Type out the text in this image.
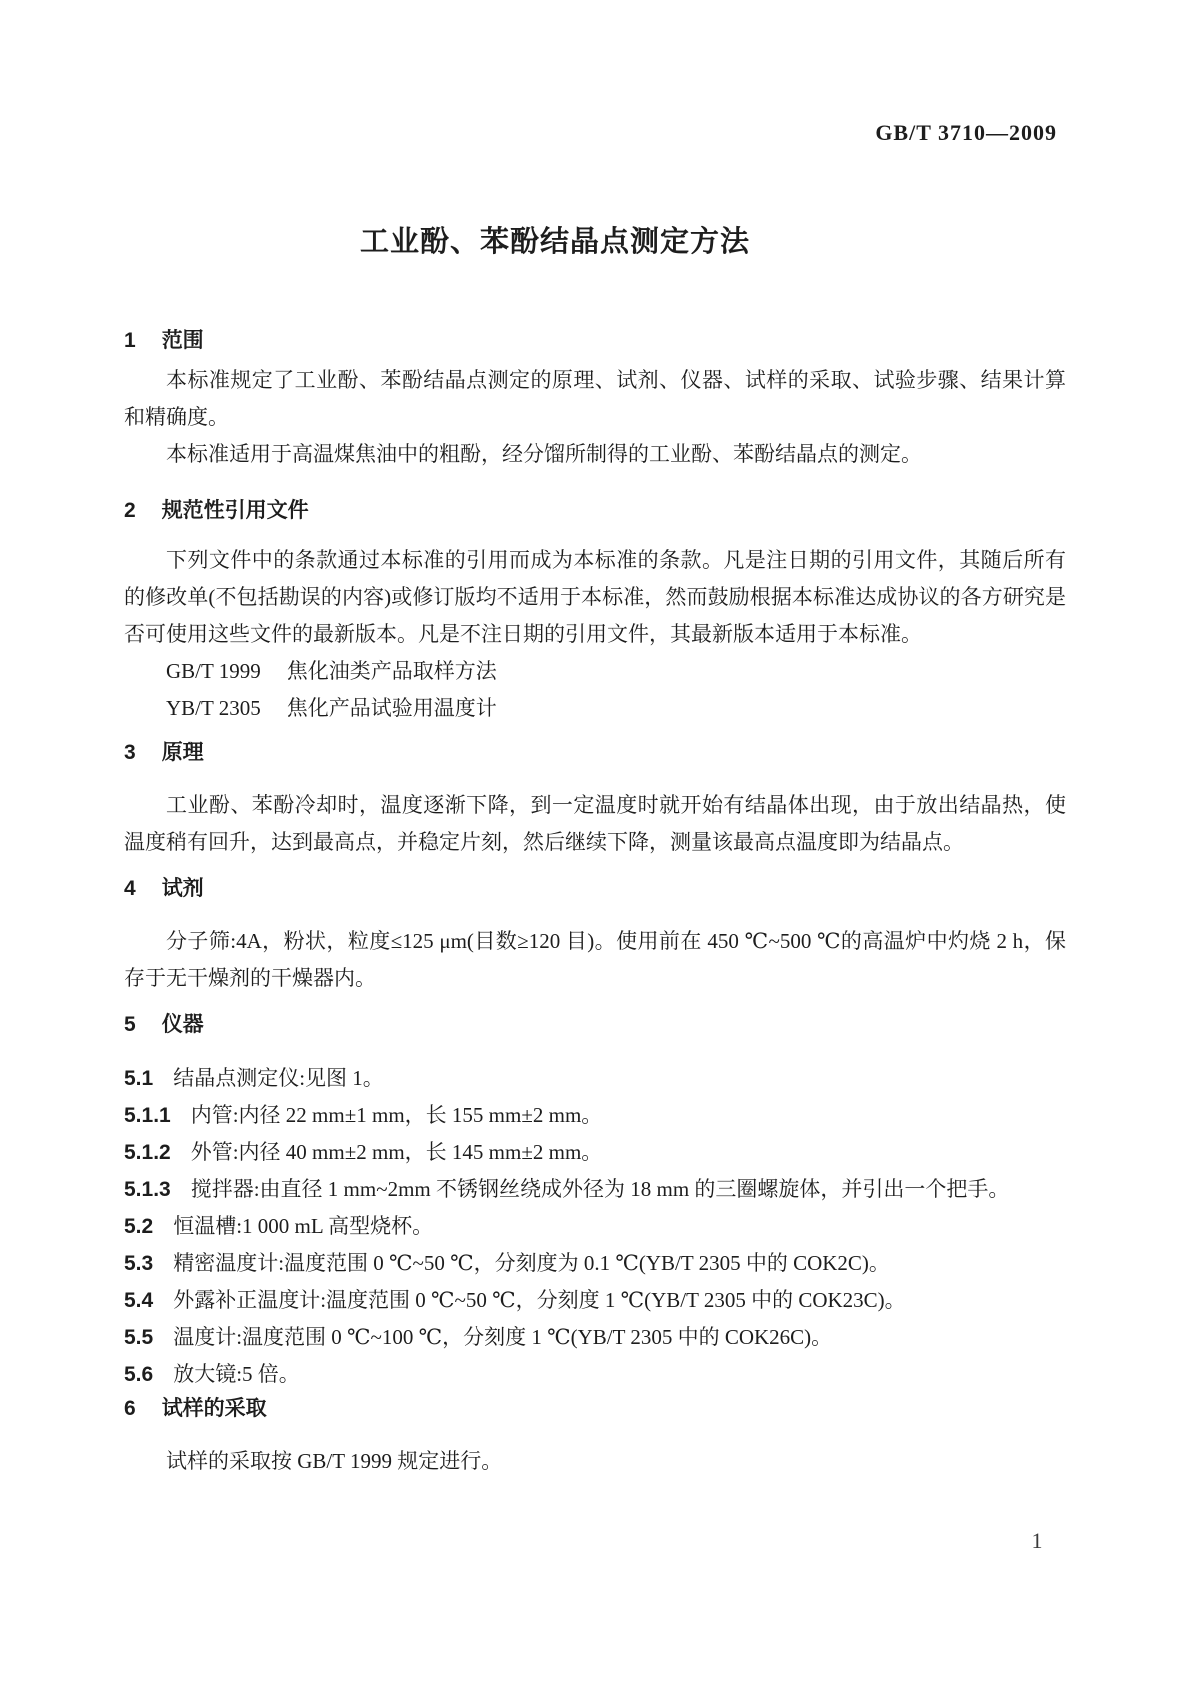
GB/T 3710—2009
工业酚、苯酚结晶点测定方法
1 范围

本标准规定了工业酚、苯酚结晶点测定的原理、试剂、仪器、试样的采取、试验步骤、结果计算和精确度。

本标准适用于高温煤焦油中的粗酚，经分馏所制得的工业酚、苯酚结晶点的测定。

2 规范性引用文件

下列文件中的条款通过本标准的引用而成为本标准的条款。凡是注日期的引用文件，其随后所有的修改单(不包括勘误的内容)或修订版均不适用于本标准，然而鼓励根据本标准达成协议的各方研究是否可使用这些文件的最新版本。凡是不注日期的引用文件，其最新版本适用于本标准。

GB/T 1999 焦化油类产品取样方法

YB/T 2305 焦化产品试验用温度计

3 原理

工业酚、苯酚冷却时，温度逐渐下降，到一定温度时就开始有结晶体出现，由于放出结晶热，使温度稍有回升，达到最高点，并稳定片刻，然后继续下降，测量该最高点温度即为结晶点。

4 试剂

分子筛:4A，粉状，粒度≤125 μm(目数≥120 目)。使用前在 450 ℃~500 ℃的高温炉中灼烧 2 h，保存于无干燥剂的干燥器内。

5 仪器

5.1 结晶点测定仪:见图 1。

5.1.1 内管:内径 22 mm±1 mm，长 155 mm±2 mm。

5.1.2 外管:内径 40 mm±2 mm，长 145 mm±2 mm。

5.1.3 搅拌器:由直径 1 mm~2mm 不锈钢丝绕成外径为 18 mm 的三圈螺旋体，并引出一个把手。

5.2 恒温槽:1 000 mL 高型烧杯。

5.3 精密温度计:温度范围 0 ℃~50 ℃，分刻度为 0.1 ℃(YB/T 2305 中的 COK2C)。

5.4 外露补正温度计:温度范围 0 ℃~50 ℃，分刻度 1 ℃(YB/T 2305 中的 COK23C)。

5.5 温度计:温度范围 0 ℃~100 ℃，分刻度 1 ℃(YB/T 2305 中的 COK26C)。

5.6 放大镜:5 倍。

6 试样的采取

试样的采取按 GB/T 1999 规定进行。

1
